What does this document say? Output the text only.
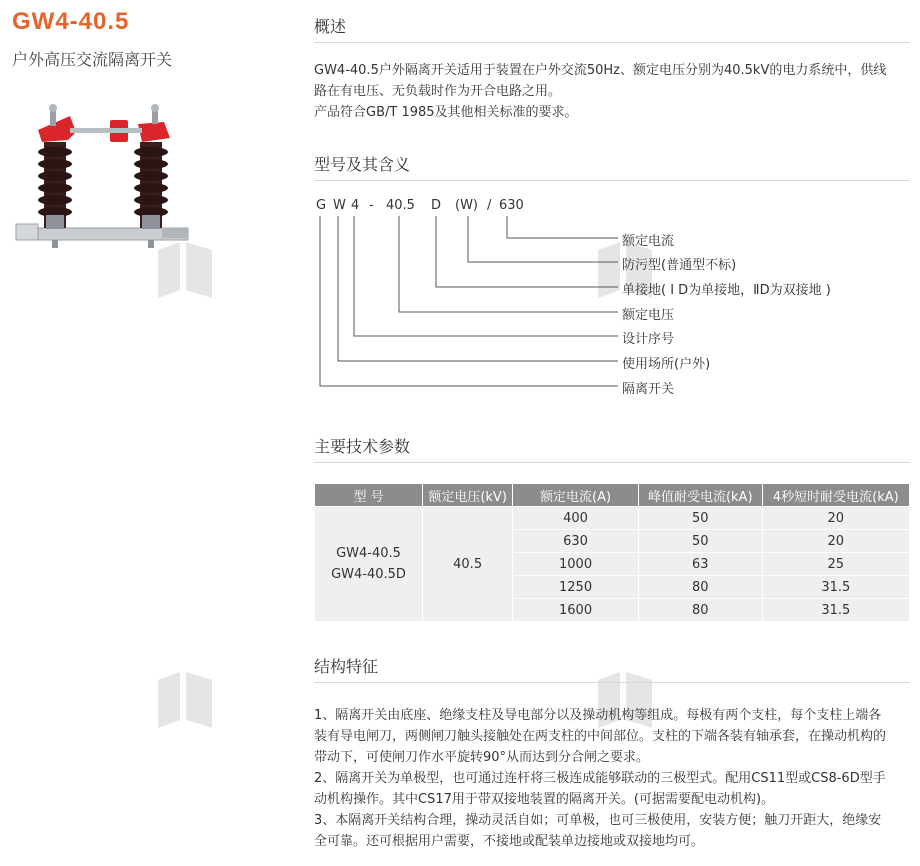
GW4-40.5
户外高压交流隔离开关
概述

GW4-40.5户外隔离开关适用于装置在户外交流50Hz、额定电压分别为40.5kV的电力系统中，供线

路在有电压、无负载时作为开合电路之用。

产品符合GB/T 1985及其他相关标准的要求。

型号及其含义
G W 4 - 40.5 D (W) / 630
额定电流
防污型(普通型不标)
单接地( I D为单接地，ⅡD为双接地 )
额定电压
设计序号
使用场所(户外)
隔离开关
主要技术参数
型 号	额定电压(kV)	额定电流(A)	峰值耐受电流(kA)	4秒短时耐受电流(kA)

GW4-40.5
GW4-40.5D	40.5	400	50	20
		630	50	20
		1000	63	25
		1250	80	31.5
		1600	80	31.5
结构特征

1、隔离开关由底座、绝缘支柱及导电部分以及操动机构等组成。每极有两个支柱，每个支柱上端各

装有导电闸刀，两侧闸刀触头接触处在两支柱的中间部位。支柱的下端各装有轴承套，在操动机构的

带动下，可使闸刀作水平旋转90°从而达到分合闸之要求。

2、隔离开关为单极型，也可通过连杆将三极连成能够联动的三极型式。配用CS11型或CS8-6D型手

动机构操作。其中CS17用于带双接地装置的隔离开关。(可据需要配电动机构)。

3、本隔离开关结构合理，操动灵活自如；可单极，也可三极使用，安装方便；触刀开距大，绝缘安

全可靠。还可根据用户需要，不接地或配装单边接地或双接地均可。
